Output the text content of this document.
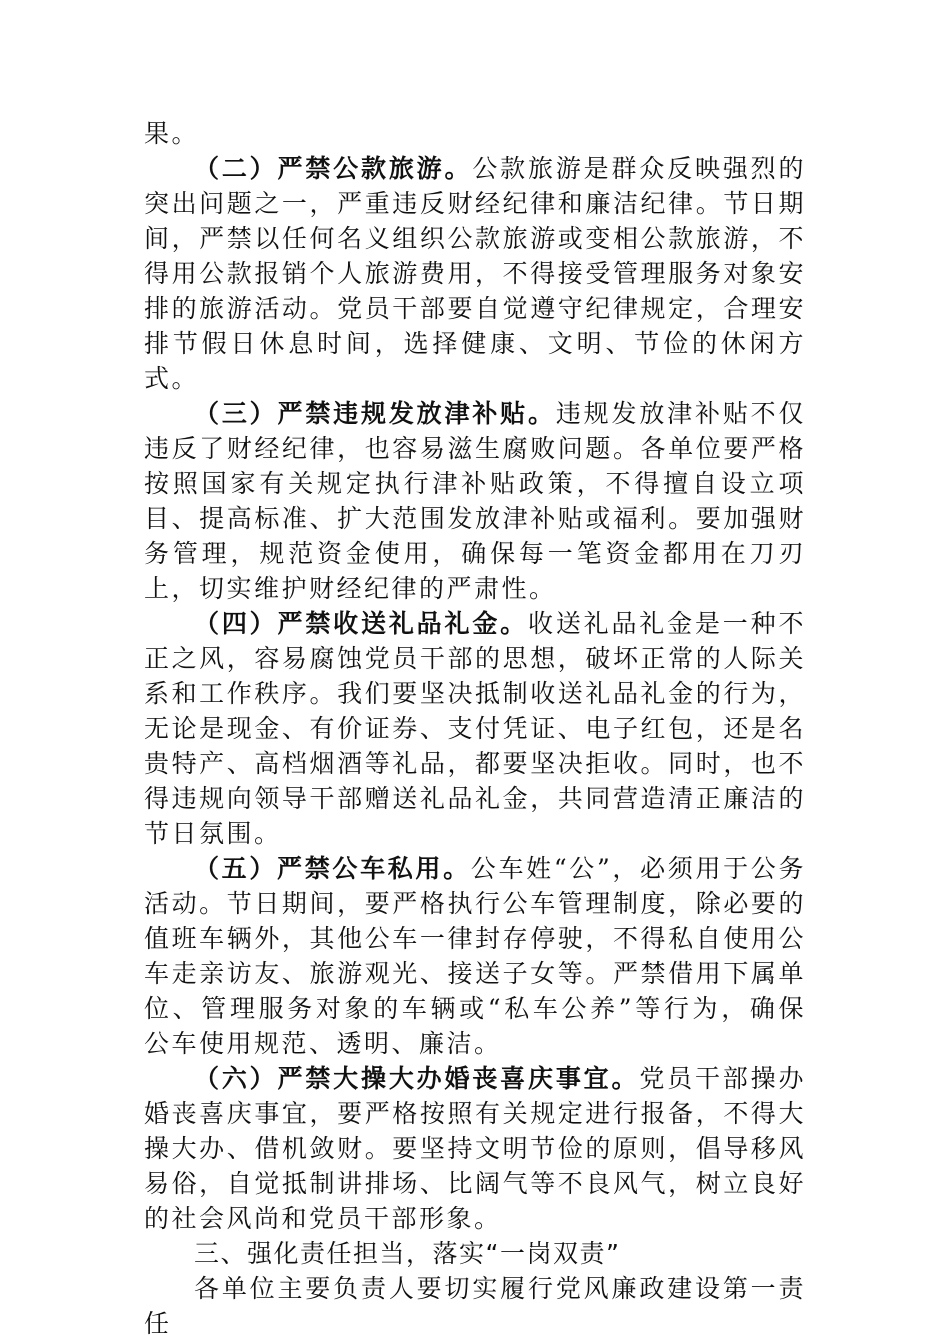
果。

（二）严禁公款旅游。公款旅游是群众反映强烈的突出问题之一，严重违反财经纪律和廉洁纪律。节日期间，严禁以任何名义组织公款旅游或变相公款旅游，不得用公款报销个人旅游费用，不得接受管理服务对象安排的旅游活动。党员干部要自觉遵守纪律规定，合理安排节假日休息时间，选择健康、文明、节俭的休闲方式。

（三）严禁违规发放津补贴。违规发放津补贴不仅违反了财经纪律，也容易滋生腐败问题。各单位要严格按照国家有关规定执行津补贴政策，不得擅自设立项目、提高标准、扩大范围发放津补贴或福利。要加强财务管理，规范资金使用，确保每一笔资金都用在刀刃上，切实维护财经纪律的严肃性。

（四）严禁收送礼品礼金。收送礼品礼金是一种不正之风，容易腐蚀党员干部的思想，破坏正常的人际关系和工作秩序。我们要坚决抵制收送礼品礼金的行为，无论是现金、有价证券、支付凭证、电子红包，还是名贵特产、高档烟酒等礼品，都要坚决拒收。同时，也不得违规向领导干部赠送礼品礼金，共同营造清正廉洁的节日氛围。

（五）严禁公车私用。公车姓“公”，必须用于公务活动。节日期间，要严格执行公车管理制度，除必要的值班车辆外，其他公车一律封存停驶，不得私自使用公车走亲访友、旅游观光、接送子女等。严禁借用下属单位、管理服务对象的车辆或“私车公养”等行为，确保公车使用规范、透明、廉洁。

（六）严禁大操大办婚丧喜庆事宜。党员干部操办婚丧喜庆事宜，要严格按照有关规定进行报备，不得大操大办、借机敛财。要坚持文明节俭的原则，倡导移风易俗，自觉抵制讲排场、比阔气等不良风气，树立良好的社会风尚和党员干部形象。

三、强化责任担当，落实“一岗双责”

各单位主要负责人要切实履行党风廉政建设第一责任
